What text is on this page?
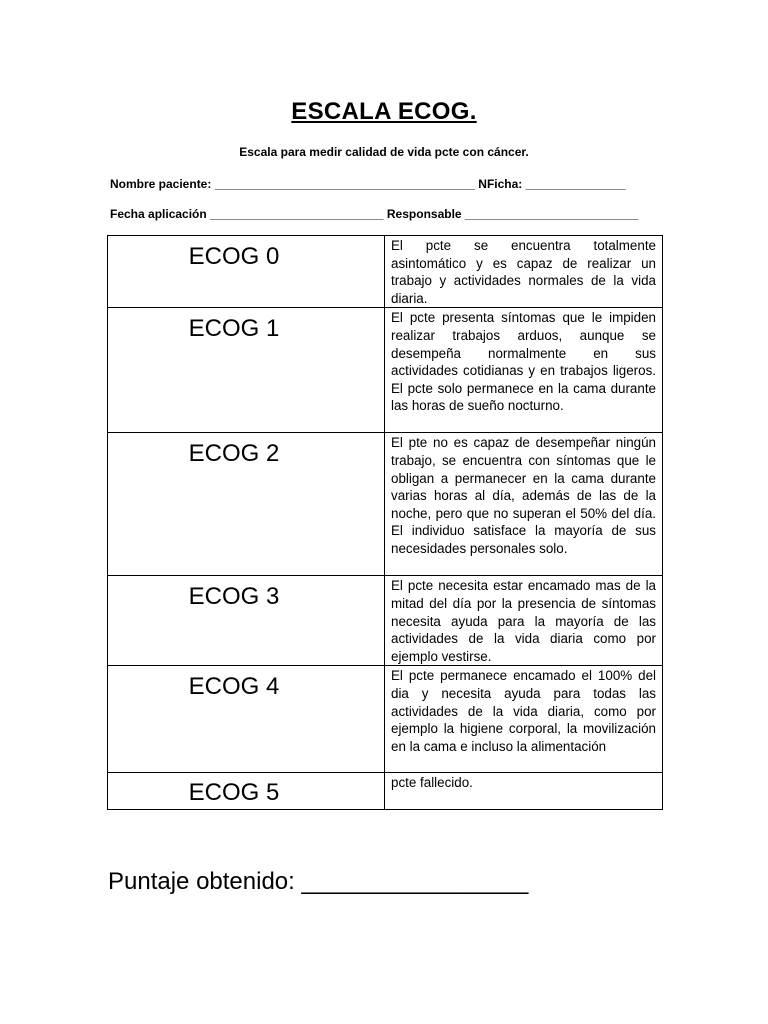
ESCALA ECOG.
Escala para medir calidad de vida pcte con cáncer.
Nombre paciente: _______________________________________ NFicha: _______________
Fecha aplicación __________________________ Responsable __________________________
ECOG 0	El pcte se encuentra totalmente asintomático y es capaz de realizar un trabajo y actividades normales de la vida diaria.

ECOG 1	El pcte presenta síntomas que le impiden realizar trabajos arduos, aunque se desempeña normalmente en sus actividades cotidianas y en trabajos ligeros. El pcte solo permanece en la cama durante las horas de sueño nocturno.

ECOG 2	El pte no es capaz de desempeñar ningún trabajo, se encuentra con síntomas que le obligan a permanecer en la cama durante varias horas al día, además de las de la noche, pero que no superan el 50% del día. El individuo satisface la mayoría de sus necesidades personales solo.

ECOG 3	El pcte necesita estar encamado mas de la mitad del día por la presencia de síntomas necesita ayuda para la mayoría de las actividades de la vida diaria como por ejemplo vestirse.

ECOG 4	El pcte permanece encamado el 100% del dia y necesita ayuda para todas las actividades de la vida diaria, como por ejemplo la higiene corporal, la movilización en la cama e incluso la alimentación

ECOG 5	pcte fallecido.
Puntaje obtenido: _________________
